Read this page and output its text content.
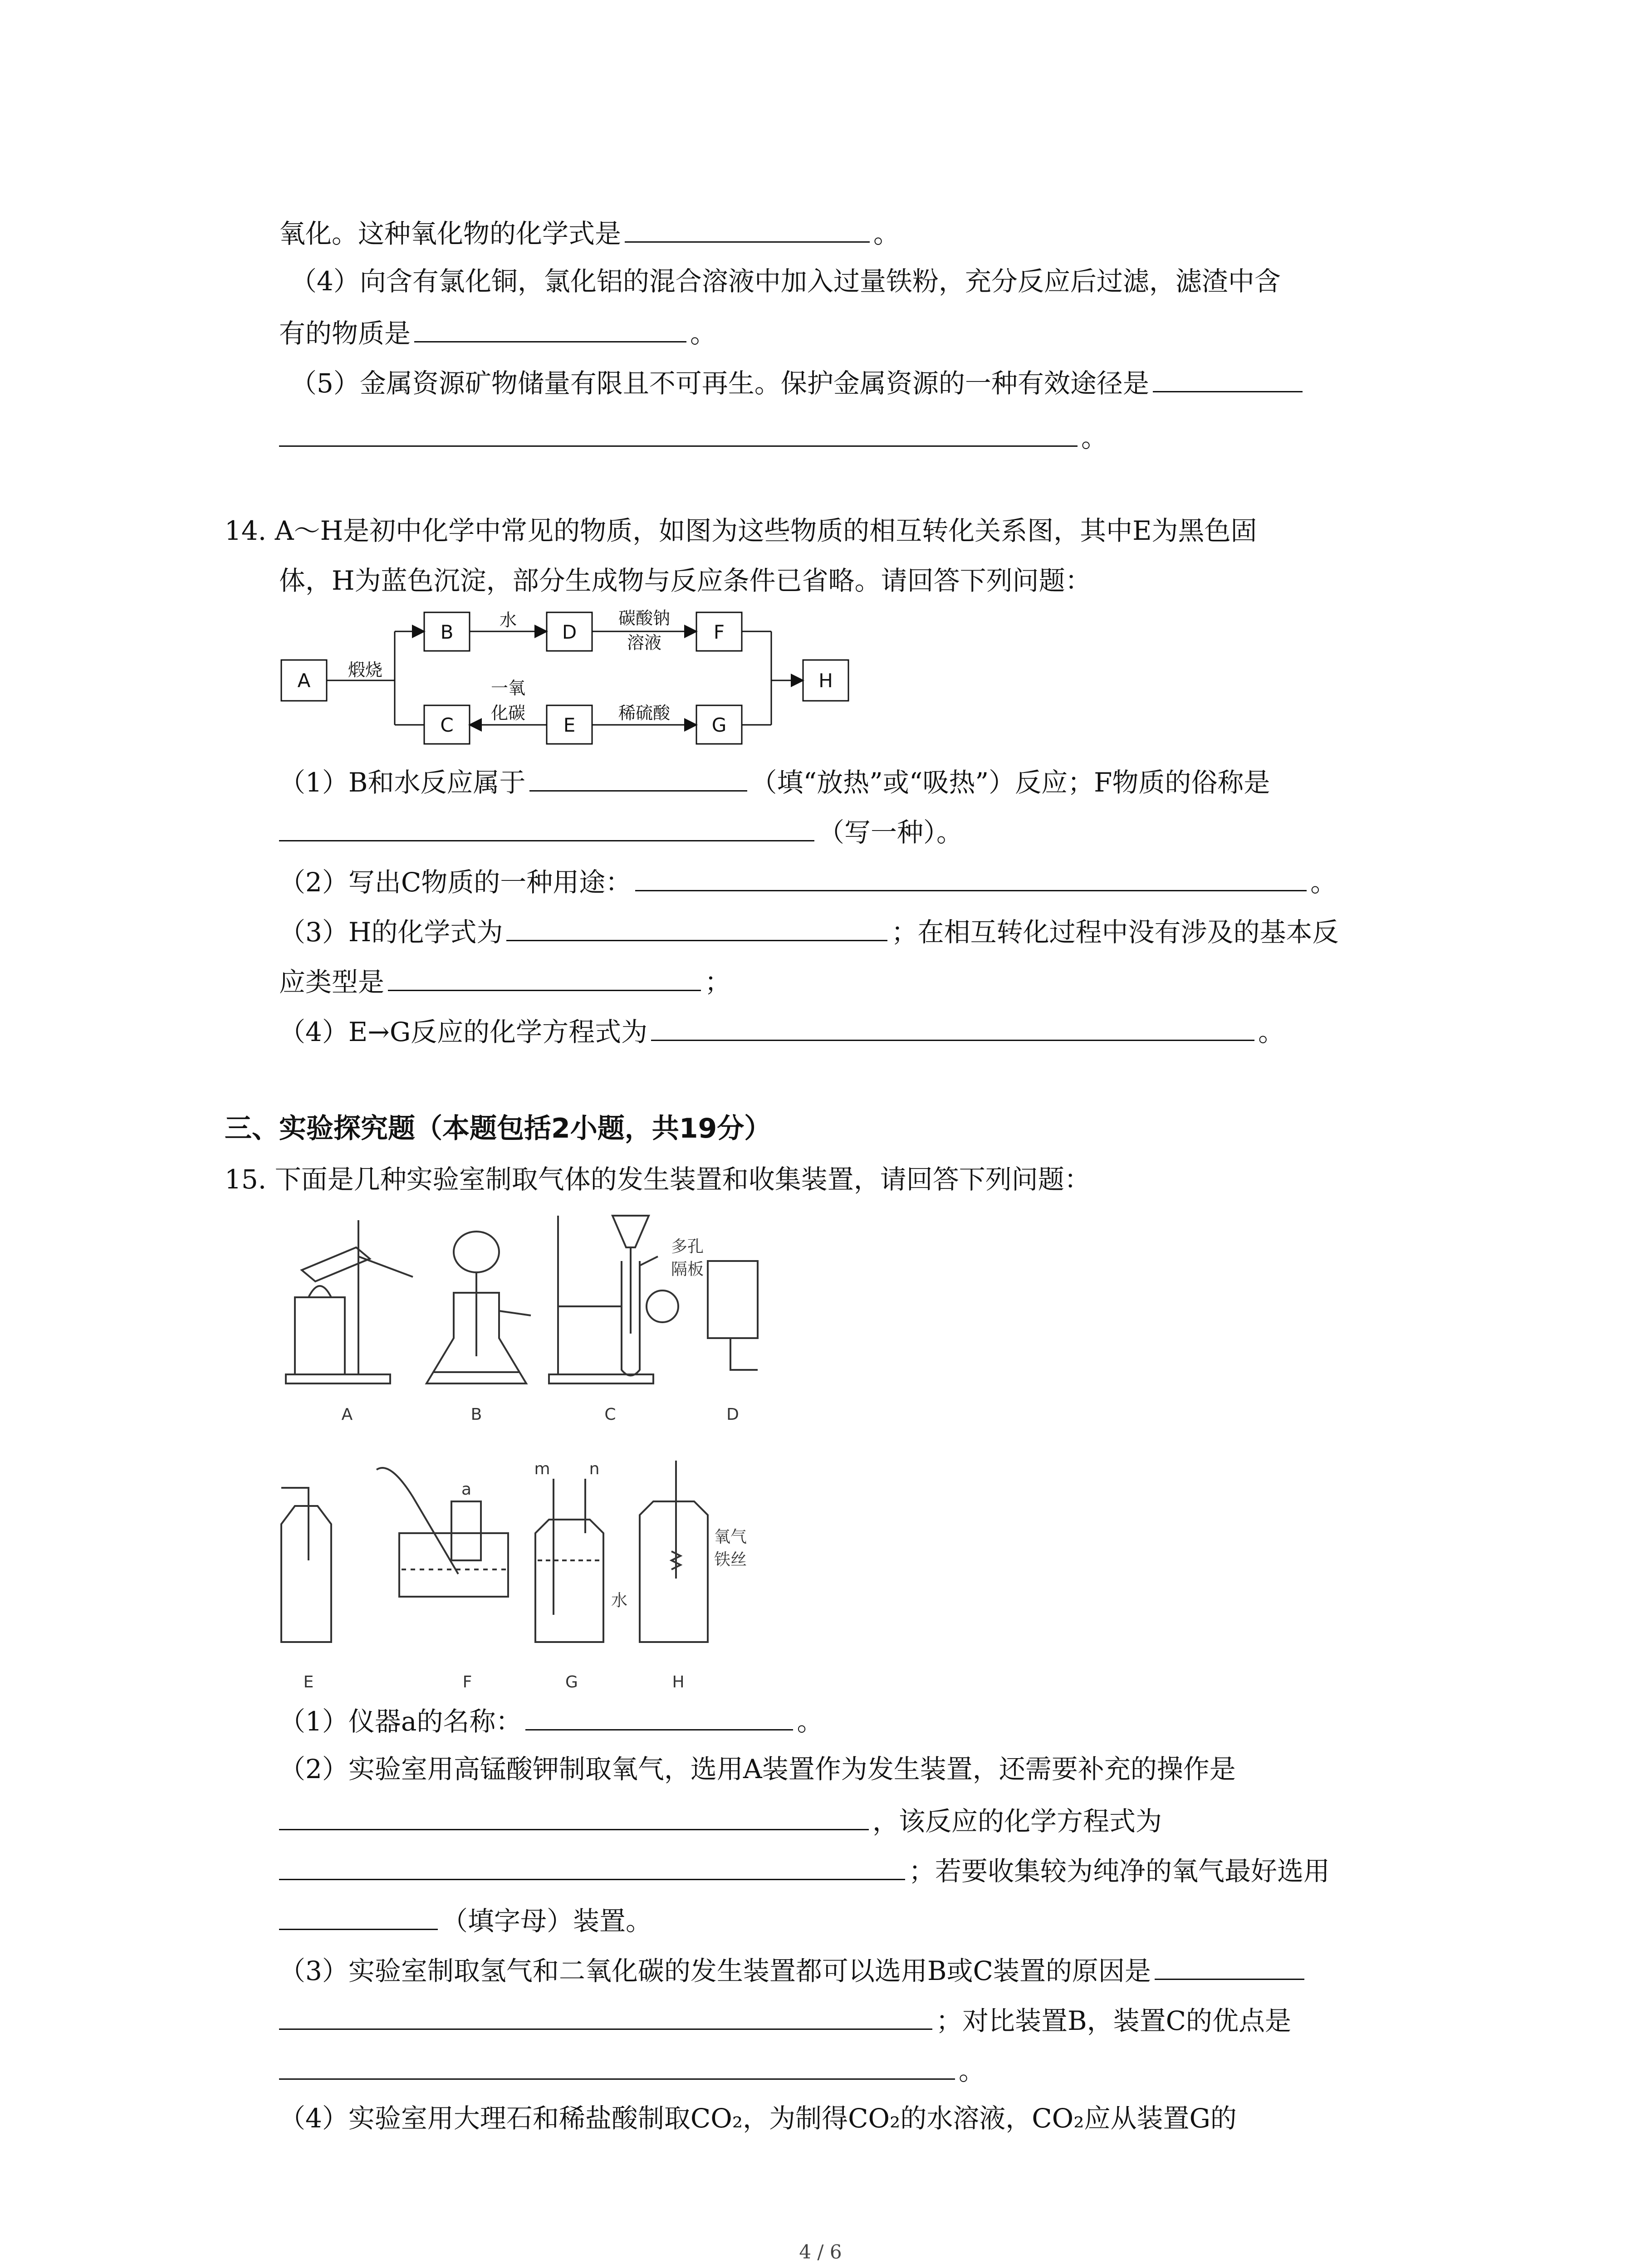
氧化。这种氧化物的化学式是	。
（4）向含有氯化铜，氯化铝的混合溶液中加入过量铁粉，充分反应后过滤，滤渣中含
有的物质是	。
（5）金属资源矿物储量有限且不可再生。保护金属资源的一种有效途径是
。
14. A～H是初中化学中常见的物质，如图为这些物质的相互转化关系图，其中E为黑色固
体，H为蓝色沉淀，部分生成物与反应条件已省略。请回答下列问题：
A
B	D	F
H
C	E	G
煅烧
水	碳酸钠
溶液
一氧
化碳	稀硫酸
（1）B和水反应属于	（填“放热”或“吸热”）反应；F物质的俗称是
（写一种）。
（2）写出C物质的一种用途：	。
（3）H的化学式为	；在相互转化过程中没有涉及的基本反
应类型是	；
（4）E→G反应的化学方程式为	。
三、实验探究题（本题包括2小题，共19分）
15. 下面是几种实验室制取气体的发生装置和收集装置，请回答下列问题：
A	B	C	D
E	F	G	H
多孔
隔板
a
m n
水
氧气
铁丝
（1）仪器a的名称：	。
（2）实验室用高锰酸钾制取氧气，选用A装置作为发生装置，还需要补充的操作是
，该反应的化学方程式为
；若要收集较为纯净的氧气最好选用
（填字母）装置。
（3）实验室制取氢气和二氧化碳的发生装置都可以选用B或C装置的原因是
；对比装置B，装置C的优点是
。
（4）实验室用大理石和稀盐酸制取CO₂，为制得CO₂的水溶液，CO₂应从装置G的
4 / 6
